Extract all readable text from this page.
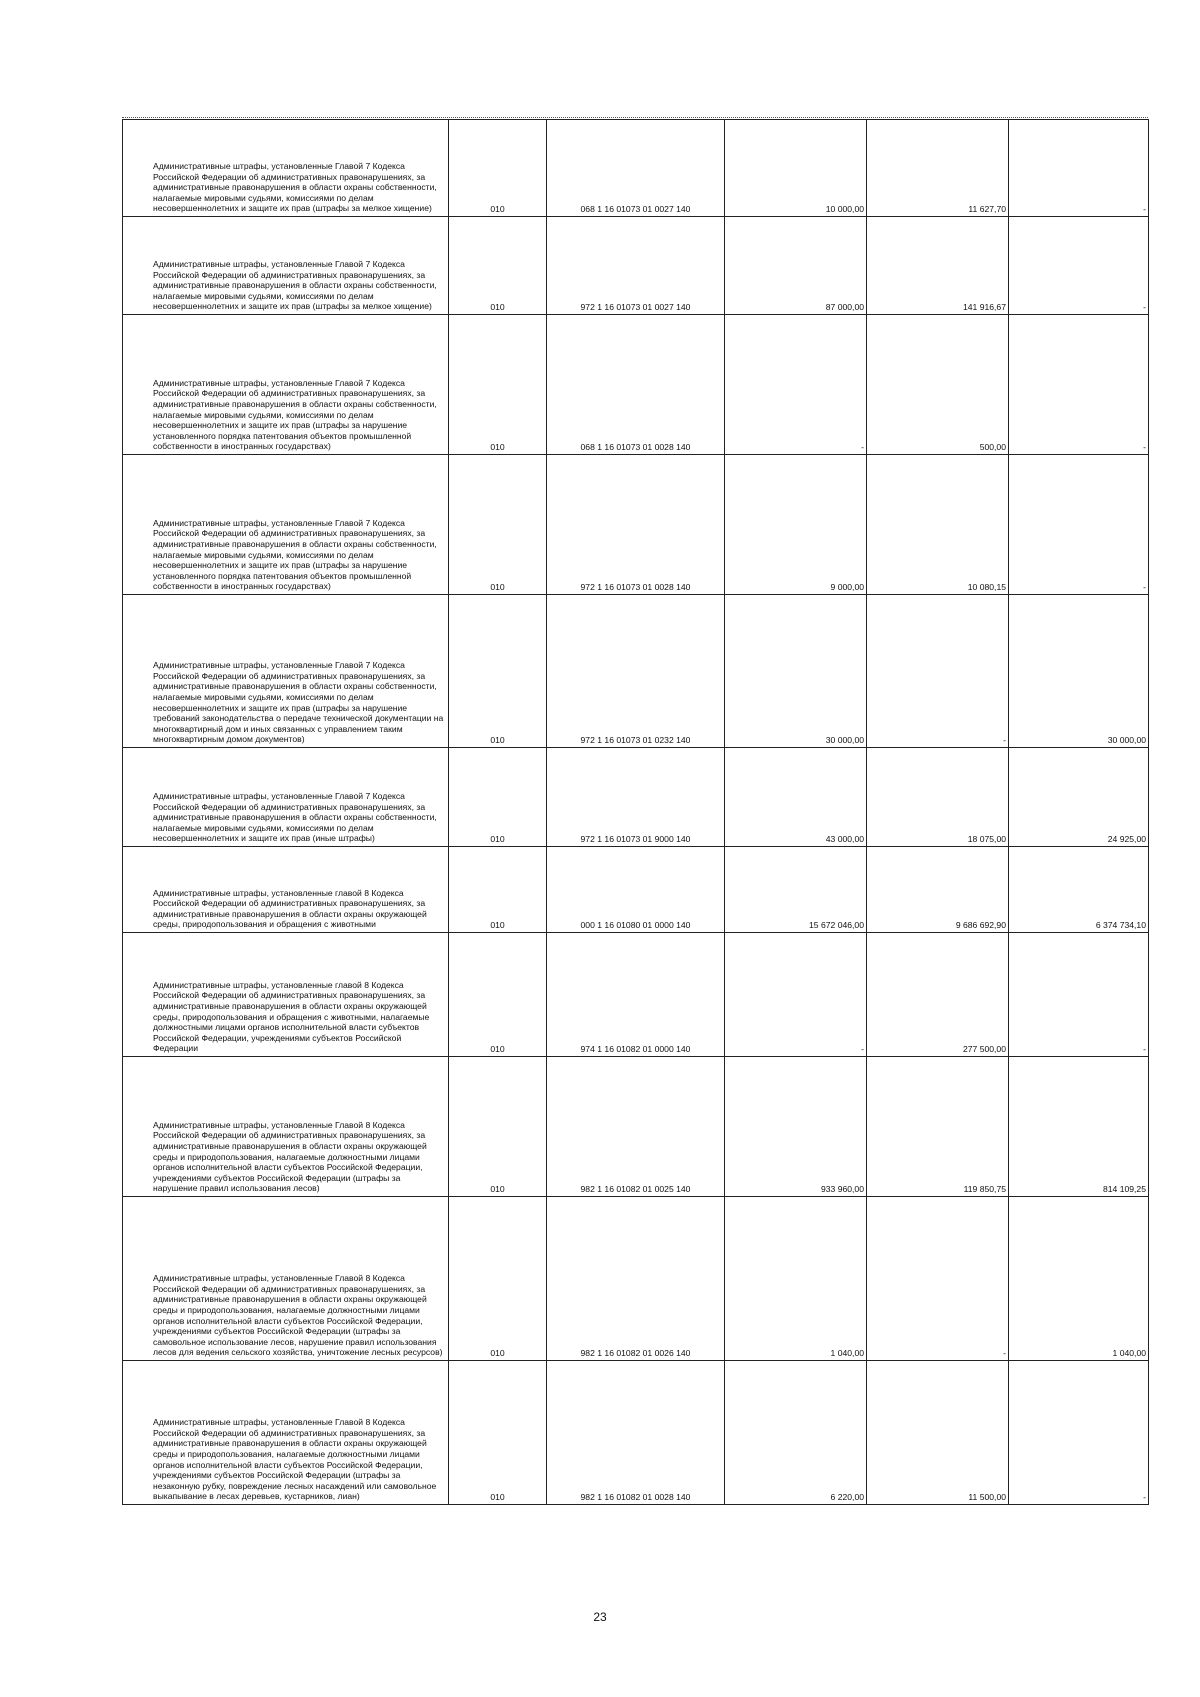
Административные штрафы, установленные Главой 7 Кодекса Российской Федерации об административных правонарушениях, за административные правонарушения в области охраны собственности, налагаемые мировыми судьями, комиссиями по делам несовершеннолетних и защите их прав (штрафы за мелкое хищение)	010	068 1 16 01073 01 0027 140	10 000,00	11 627,70	-
Административные штрафы, установленные Главой 7 Кодекса Российской Федерации об административных правонарушениях, за административные правонарушения в области охраны собственности, налагаемые мировыми судьями, комиссиями по делам несовершеннолетних и защите их прав (штрафы за мелкое хищение)	010	972 1 16 01073 01 0027 140	87 000,00	141 916,67	-
Административные штрафы, установленные Главой 7 Кодекса Российской Федерации об административных правонарушениях, за административные правонарушения в области охраны собственности, налагаемые мировыми судьями, комиссиями по делам несовершеннолетних и защите их прав (штрафы за нарушение установленного порядка патентования объектов промышленной собственности в иностранных государствах)	010	068 1 16 01073 01 0028 140	-	500,00	-
Административные штрафы, установленные Главой 7 Кодекса Российской Федерации об административных правонарушениях, за административные правонарушения в области охраны собственности, налагаемые мировыми судьями, комиссиями по делам несовершеннолетних и защите их прав (штрафы за нарушение установленного порядка патентования объектов промышленной собственности в иностранных государствах)	010	972 1 16 01073 01 0028 140	9 000,00	10 080,15	-
Административные штрафы, установленные Главой 7 Кодекса Российской Федерации об административных правонарушениях, за административные правонарушения в области охраны собственности, налагаемые мировыми судьями, комиссиями по делам несовершеннолетних и защите их прав (штрафы за нарушение требований законодательства о передаче технической документации на многоквартирный дом и иных связанных с управлением таким многоквартирным домом документов)	010	972 1 16 01073 01 0232 140	30 000,00	-	30 000,00
Административные штрафы, установленные Главой 7 Кодекса Российской Федерации об административных правонарушениях, за административные правонарушения в области охраны собственности, налагаемые мировыми судьями, комиссиями по делам несовершеннолетних и защите их прав (иные штрафы)	010	972 1 16 01073 01 9000 140	43 000,00	18 075,00	24 925,00
Административные штрафы, установленные главой 8 Кодекса Российской Федерации об административных правонарушениях, за административные правонарушения в области охраны окружающей среды, природопользования и обращения с животными	010	000 1 16 01080 01 0000 140	15 672 046,00	9 686 692,90	6 374 734,10
Административные штрафы, установленные главой 8 Кодекса Российской Федерации об административных правонарушениях, за административные правонарушения в области охраны окружающей среды, природопользования и обращения с животными, налагаемые должностными лицами органов исполнительной власти субъектов Российской Федерации, учреждениями субъектов Российской Федерации	010	974 1 16 01082 01 0000 140	-	277 500,00	-
Административные штрафы, установленные Главой 8 Кодекса Российской Федерации об административных правонарушениях, за административные правонарушения в области охраны окружающей среды и природопользования, налагаемые должностными лицами органов исполнительной власти субъектов Российской Федерации, учреждениями субъектов Российской Федерации (штрафы за нарушение правил использования лесов)	010	982 1 16 01082 01 0025 140	933 960,00	119 850,75	814 109,25
Административные штрафы, установленные Главой 8 Кодекса Российской Федерации об административных правонарушениях, за административные правонарушения в области охраны окружающей среды и природопользования, налагаемые должностными лицами органов исполнительной власти субъектов Российской Федерации, учреждениями субъектов Российской Федерации (штрафы за самовольное использование лесов, нарушение правил использования лесов для ведения сельского хозяйства, уничтожение лесных ресурсов)	010	982 1 16 01082 01 0026 140	1 040,00	-	1 040,00
Административные штрафы, установленные Главой 8 Кодекса Российской Федерации об административных правонарушениях, за административные правонарушения в области охраны окружающей среды и природопользования, налагаемые должностными лицами органов исполнительной власти субъектов Российской Федерации, учреждениями субъектов Российской Федерации (штрафы за незаконную рубку, повреждение лесных насаждений или самовольное выкапывание в лесах деревьев, кустарников, лиан)	010	982 1 16 01082 01 0028 140	6 220,00	11 500,00	-
23
